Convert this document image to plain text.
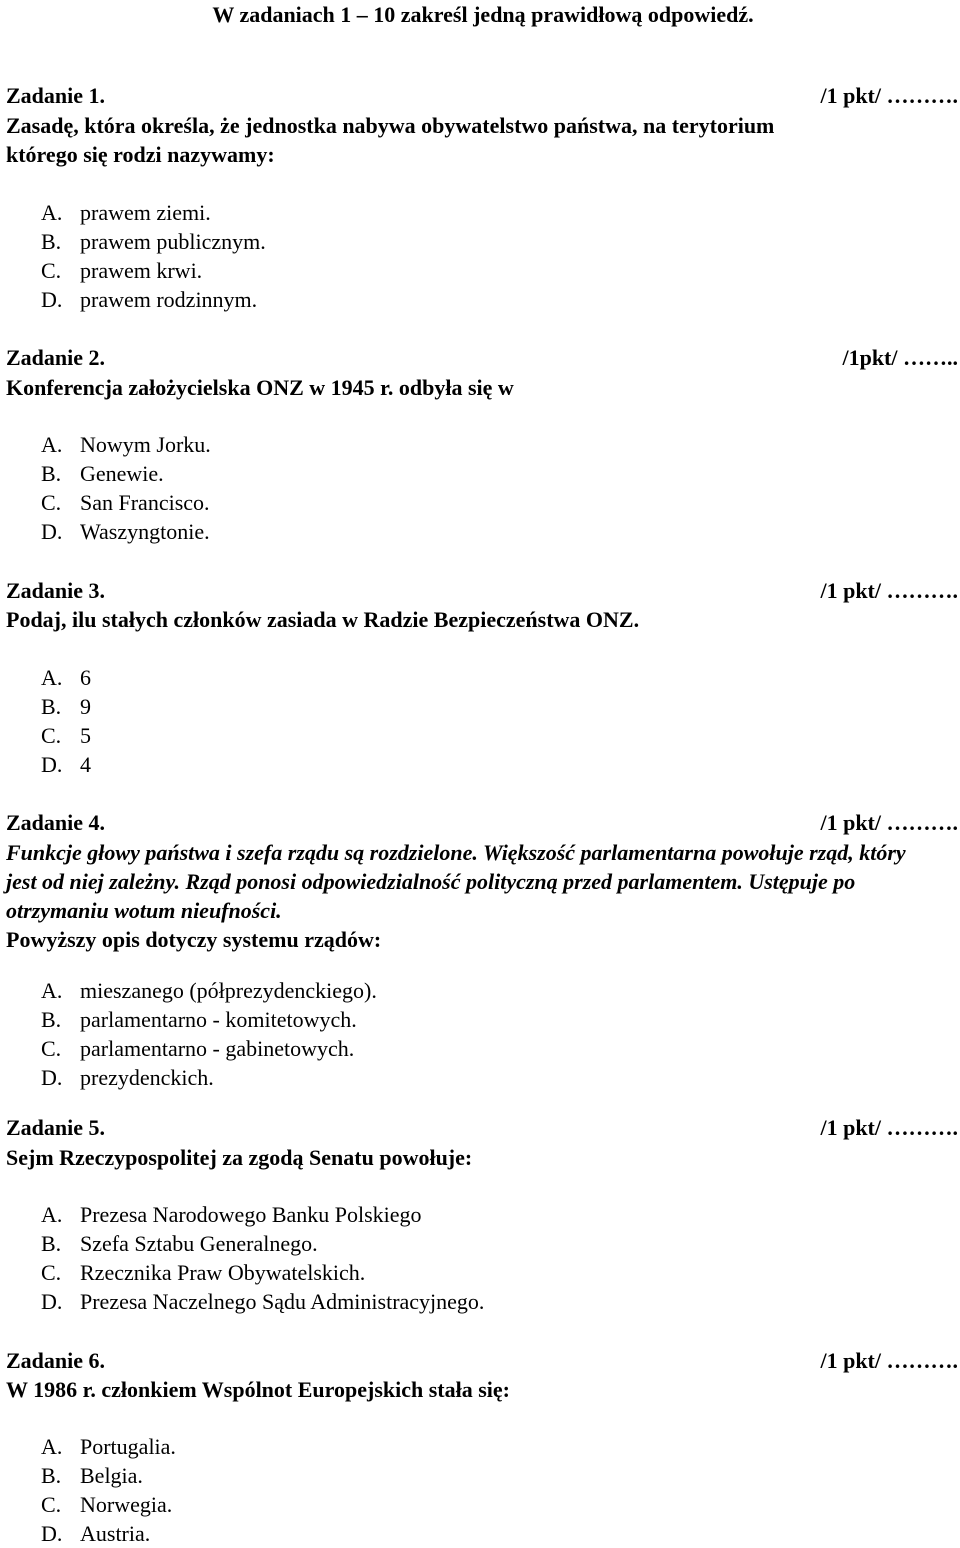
W zadaniach 1 – 10 zakreśl jedną prawidłową odpowiedź.
Zadanie 1.	/1 pkt/ ……….
Zasadę, która określa, że jednostka nabywa obywatelstwo państwa, na terytorium
którego się rodzi nazywamy:
A. prawem ziemi.
B. prawem publicznym.
C. prawem krwi.
D. prawem rodzinnym.
Zadanie 2.	/1pkt/ ……..
Konferencja założycielska ONZ w 1945 r. odbyła się w
A. Nowym Jorku.
B. Genewie.
C. San Francisco.
D. Waszyngtonie.
Zadanie 3.	/1 pkt/ ……….
Podaj, ilu stałych członków zasiada w Radzie Bezpieczeństwa ONZ.
A. 6
B. 9
C. 5
D. 4
Zadanie 4.	/1 pkt/ ……….
Funkcje głowy państwa i szefa rządu są rozdzielone. Większość parlamentarna powołuje rząd, który jest od niej zależny. Rząd ponosi odpowiedzialność polityczną przed parlamentem. Ustępuje po otrzymaniu wotum nieufności.
Powyższy opis dotyczy systemu rządów:
A. mieszanego (półprezydenckiego).
B. parlamentarno - komitetowych.
C. parlamentarno - gabinetowych.
D. prezydenckich.
Zadanie 5.	/1 pkt/ ……….
Sejm Rzeczypospolitej za zgodą Senatu powołuje:
A. Prezesa Narodowego Banku Polskiego
B. Szefa Sztabu Generalnego.
C. Rzecznika Praw Obywatelskich.
D. Prezesa Naczelnego Sądu Administracyjnego.
Zadanie 6.	/1 pkt/ ……….
W 1986 r. członkiem Wspólnot Europejskich stała się:
A. Portugalia.
B. Belgia.
C. Norwegia.
D. Austria.
